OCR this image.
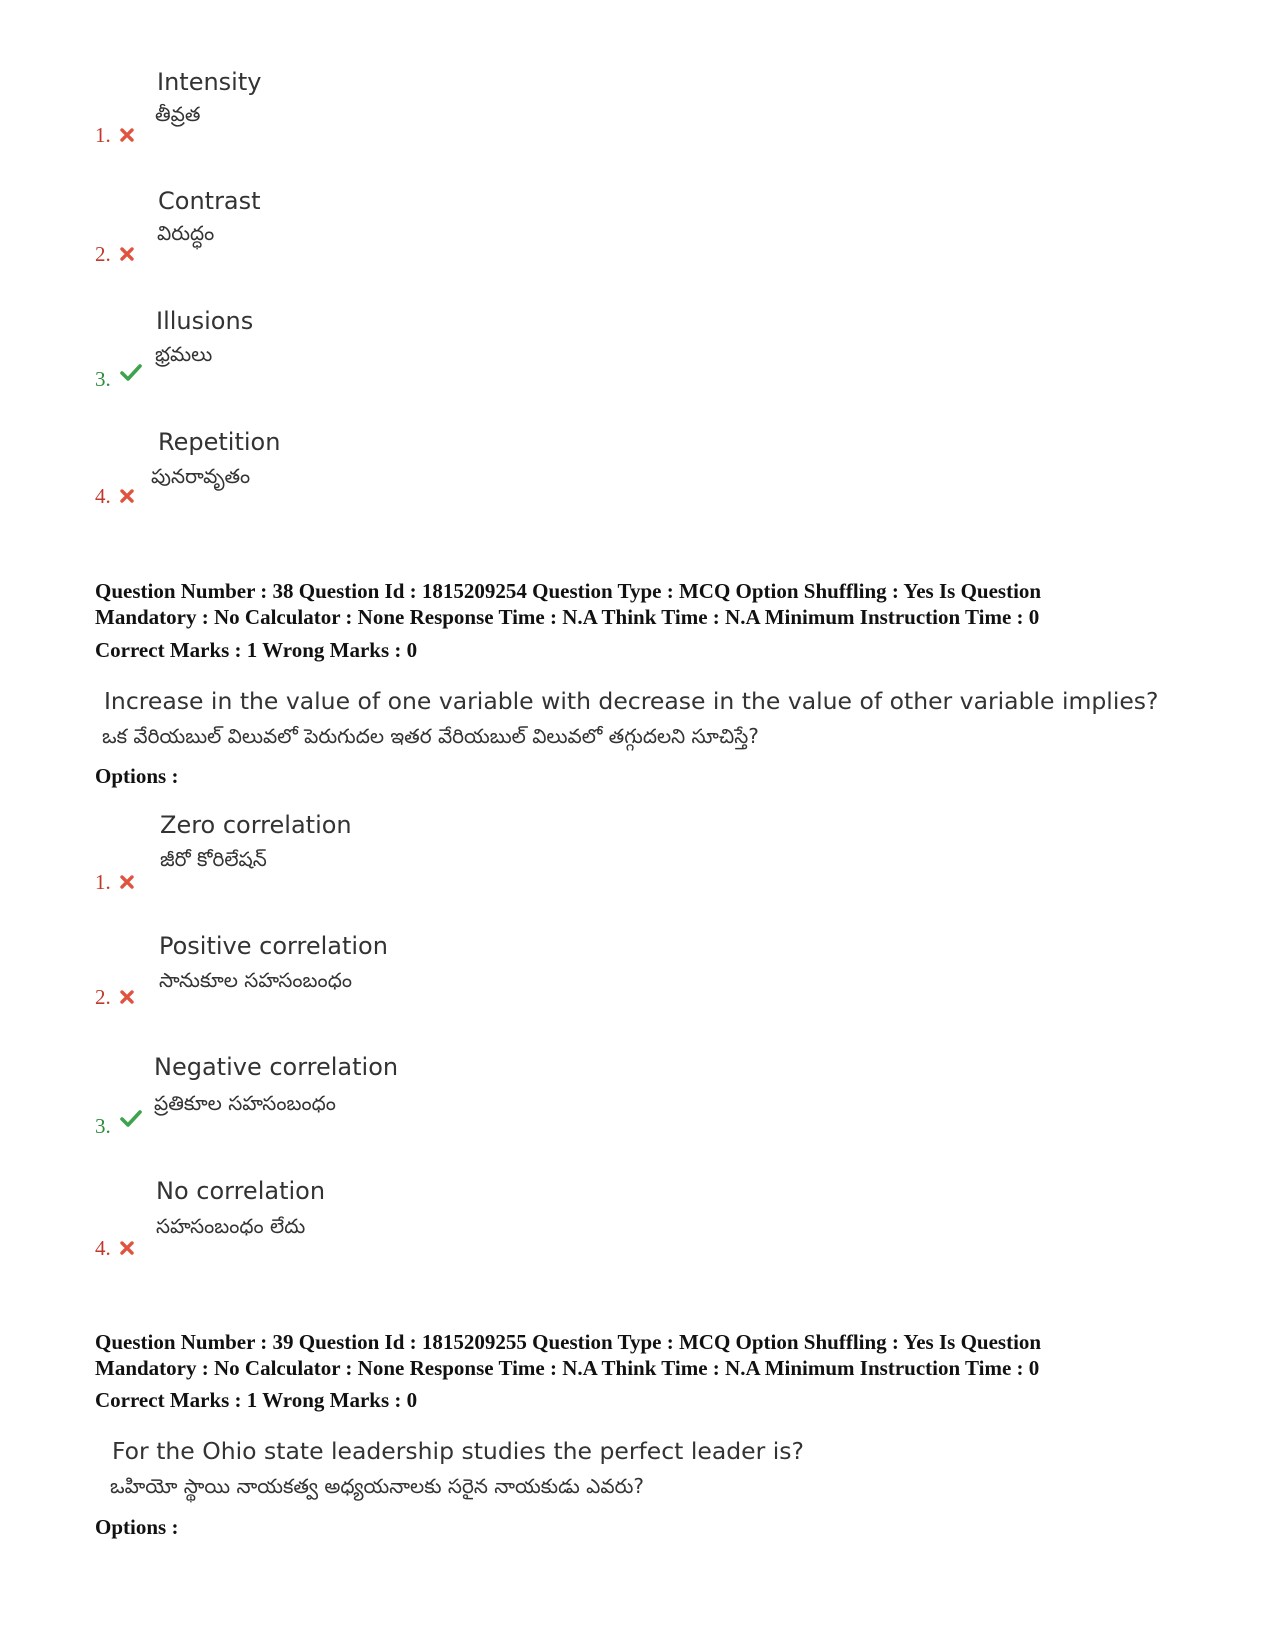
Intensity
తీవ్రత
1.
Contrast
విరుద్ధం
2.
Illusions
భ్రమలు
3.
Repetition
పునరావృతం
4.
Question Number : 38 Question Id : 1815209254 Question Type : MCQ Option Shuffling : Yes Is Question
Mandatory : No Calculator : None Response Time : N.A Think Time : N.A Minimum Instruction Time : 0
Correct Marks : 1 Wrong Marks : 0
Increase in the value of one variable with decrease in the value of other variable implies?
ఒక వేరియబుల్ విలువలో పెరుగుదల ఇతర వేరియబుల్ విలువలో తగ్గుదలని సూచిస్తే?
Options :
Zero correlation
జీరో కోరిలేషన్
1.
Positive correlation
సానుకూల సహసంబంధం
2.
Negative correlation
ప్రతికూల సహసంబంధం
3.
No correlation
సహసంబంధం లేదు
4.
Question Number : 39 Question Id : 1815209255 Question Type : MCQ Option Shuffling : Yes Is Question
Mandatory : No Calculator : None Response Time : N.A Think Time : N.A Minimum Instruction Time : 0
Correct Marks : 1 Wrong Marks : 0
For the Ohio state leadership studies the perfect leader is?
ఒహియో స్థాయి నాయకత్వ అధ్యయనాలకు సరైన నాయకుడు ఎవరు?
Options :
